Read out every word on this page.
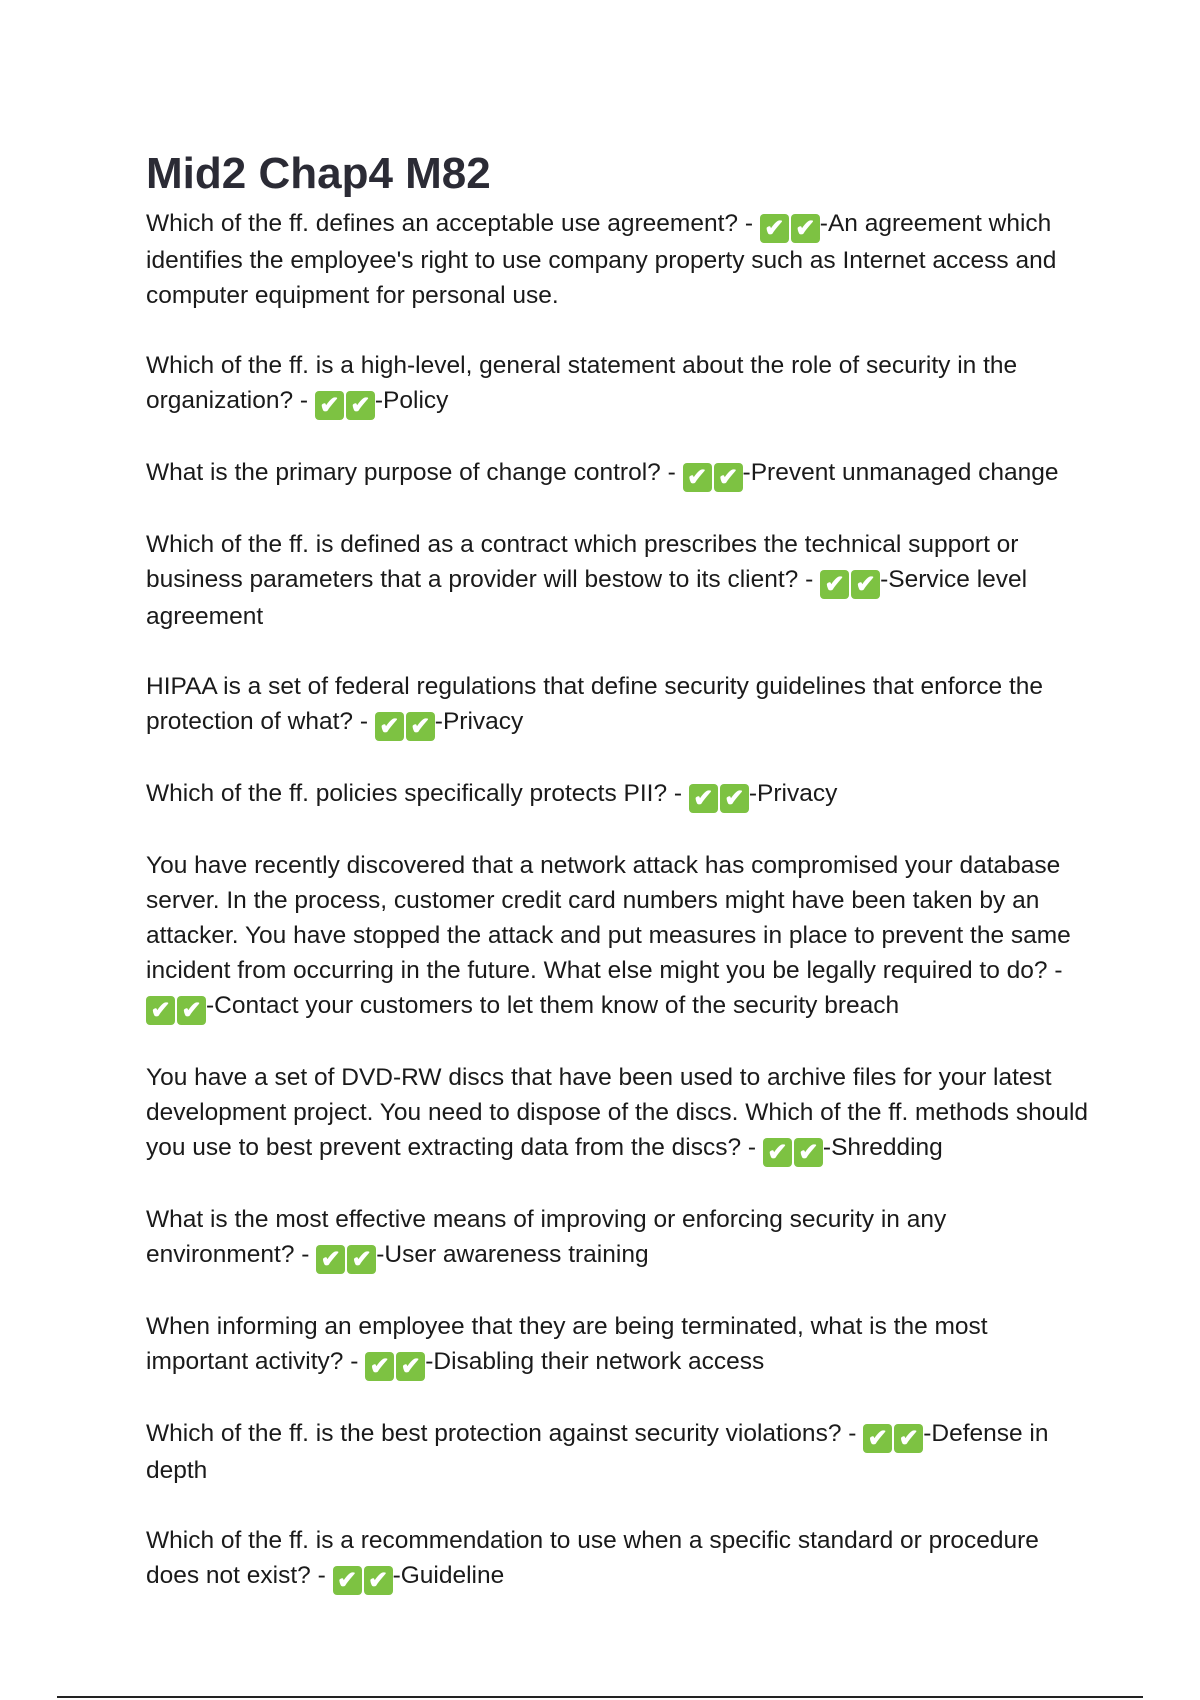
Mid2 Chap4 M82

Which of the ff. defines an acceptable use agreement? - ✔ ✔ -An agreement which identifies the employee's right to use company property such as Internet access and computer equipment for personal use.

Which of the ff. is a high-level, general statement about the role of security in the organization? - ✔ ✔ -Policy

What is the primary purpose of change control? - ✔ ✔ -Prevent unmanaged change

Which of the ff. is defined as a contract which prescribes the technical support or business parameters that a provider will bestow to its client? - ✔ ✔ -Service level agreement

HIPAA is a set of federal regulations that define security guidelines that enforce the protection of what? - ✔ ✔ -Privacy

Which of the ff. policies specifically protects PII? - ✔ ✔ -Privacy

You have recently discovered that a network attack has compromised your database server. In the process, customer credit card numbers might have been taken by an attacker. You have stopped the attack and put measures in place to prevent the same incident from occurring in the future. What else might you be legally required to do? - ✔ ✔ -Contact your customers to let them know of the security breach

You have a set of DVD-RW discs that have been used to archive files for your latest development project. You need to dispose of the discs. Which of the ff. methods should you use to best prevent extracting data from the discs? - ✔ ✔ -Shredding

What is the most effective means of improving or enforcing security in any environment? - ✔ ✔ -User awareness training

When informing an employee that they are being terminated, what is the most important activity? - ✔ ✔ -Disabling their network access

Which of the ff. is the best protection against security violations? - ✔ ✔ -Defense in depth

Which of the ff. is a recommendation to use when a specific standard or procedure does not exist? - ✔ ✔ -Guideline
